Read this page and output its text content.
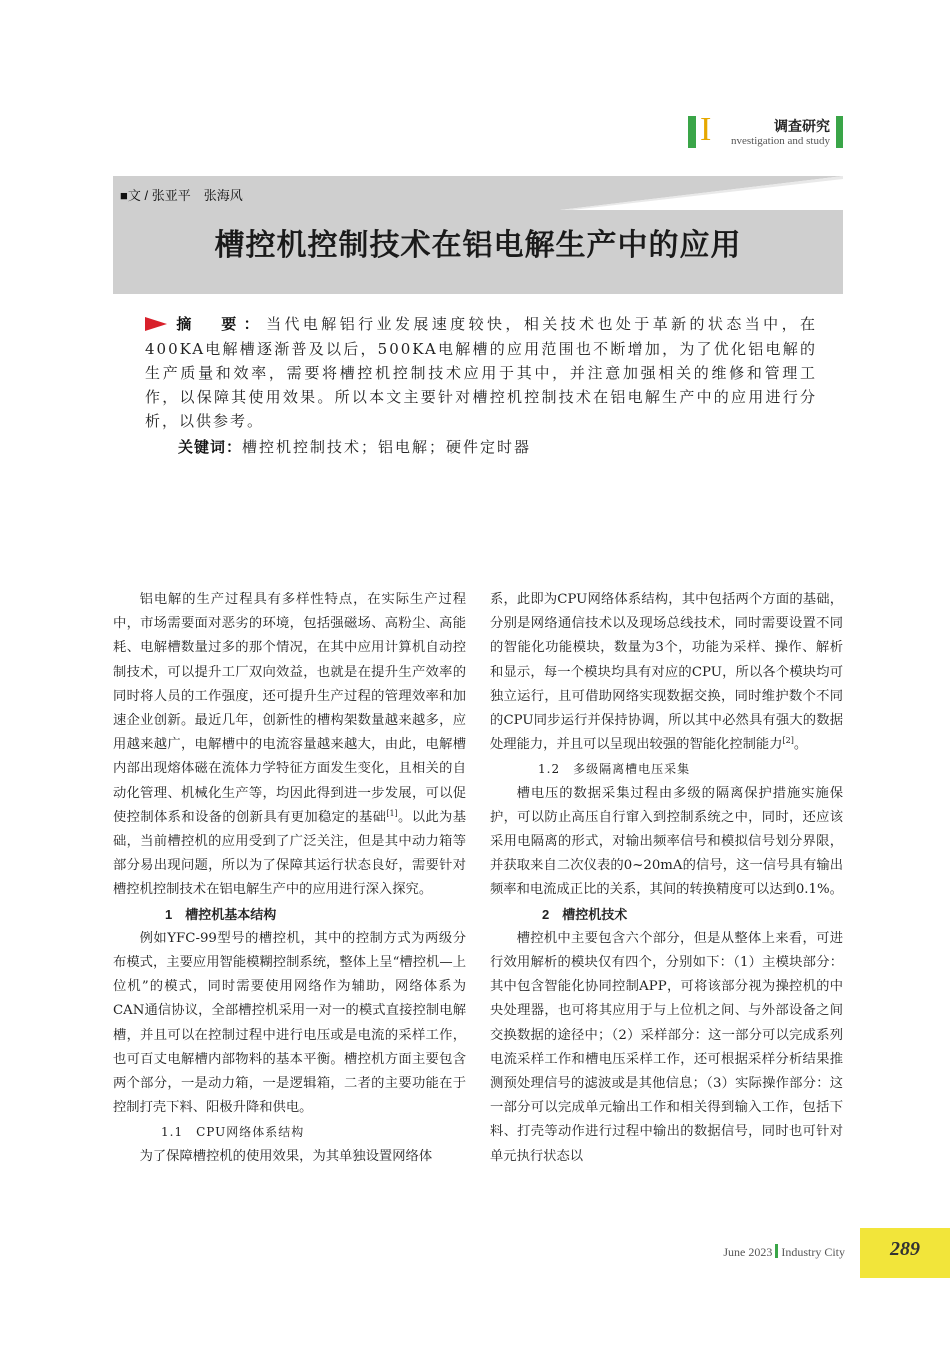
I	调查研究
nvestigation and study
■文 / 张亚平　张海风
槽控机控制技术在铝电解生产中的应用
摘　要：当代电解铝行业发展速度较快，相关技术也处于革新的状态当中，在400KA电解槽逐渐普及以后，500KA电解槽的应用范围也不断增加，为了优化铝电解的生产质量和效率，需要将槽控机控制技术应用于其中，并注意加强相关的维修和管理工作，以保障其使用效果。所以本文主要针对槽控机控制技术在铝电解生产中的应用进行分析，以供参考。
关键词：槽控机控制技术；铝电解；硬件定时器

铝电解的生产过程具有多样性特点，在实际生产过程中，市场需要面对恶劣的环境，包括强磁场、高粉尘、高能耗、电解槽数量过多的那个情况，在其中应用计算机自动控制技术，可以提升工厂双向效益，也就是在提升生产效率的同时将人员的工作强度，还可提升生产过程的管理效率和加速企业创新。最近几年，创新性的槽构架数量越来越多，应用越来越广，电解槽中的电流容量越来越大，由此，电解槽内部出现熔体磁在流体力学特征方面发生变化，且相关的自动化管理、机械化生产等，均因此得到进一步发展，可以促使控制体系和设备的创新具有更加稳定的基础[1]。以此为基础，当前槽控机的应用受到了广泛关注，但是其中动力箱等部分易出现问题，所以为了保障其运行状态良好，需要针对槽控机控制技术在铝电解生产中的应用进行深入探究。

1　槽控机基本结构

例如YFC-99型号的槽控机，其中的控制方式为两级分布模式，主要应用智能模糊控制系统，整体上呈“槽控机—上位机”的模式，同时需要使用网络作为辅助，网络体系为CAN通信协议，全部槽控机采用一对一的模式直接控制电解槽，并且可以在控制过程中进行电压或是电流的采样工作，也可百丈电解槽内部物料的基本平衡。槽控机方面主要包含两个部分，一是动力箱，一是逻辑箱，二者的主要功能在于控制打壳下料、阳极升降和供电。

1.1　CPU网络体系结构

为了保障槽控机的使用效果，为其单独设置网络体

系，此即为CPU网络体系结构，其中包括两个方面的基础，分别是网络通信技术以及现场总线技术，同时需要设置不同的智能化功能模块，数量为3个，功能为采样、操作、解析和显示，每一个模块均具有对应的CPU，所以各个模块均可独立运行，且可借助网络实现数据交换，同时维护数个不同的CPU同步运行并保持协调，所以其中必然具有强大的数据处理能力，并且可以呈现出较强的智能化控制能力[2]。

1.2　多级隔离槽电压采集

槽电压的数据采集过程由多级的隔离保护措施实施保护，可以防止高压自行窜入到控制系统之中，同时，还应该采用电隔离的形式，对输出频率信号和模拟信号划分界限，并获取来自二次仪表的0~20mA的信号，这一信号具有输出频率和电流成正比的关系，其间的转换精度可以达到0.1%。

2　槽控机技术

槽控机中主要包含六个部分，但是从整体上来看，可进行效用解析的模块仅有四个，分别如下：（1）主模块部分：其中包含智能化协同控制APP，可将该部分视为操控机的中央处理器，也可将其应用于与上位机之间、与外部设备之间交换数据的途径中；（2）采样部分：这一部分可以完成系列电流采样工作和槽电压采样工作，还可根据采样分析结果推测预处理信号的滤波或是其他信息；（3）实际操作部分：这一部分可以完成单元输出工作和相关得到输入工作，包括下料、打壳等动作进行过程中输出的数据信号，同时也可针对单元执行状态以

June 2023 Industry City	289
